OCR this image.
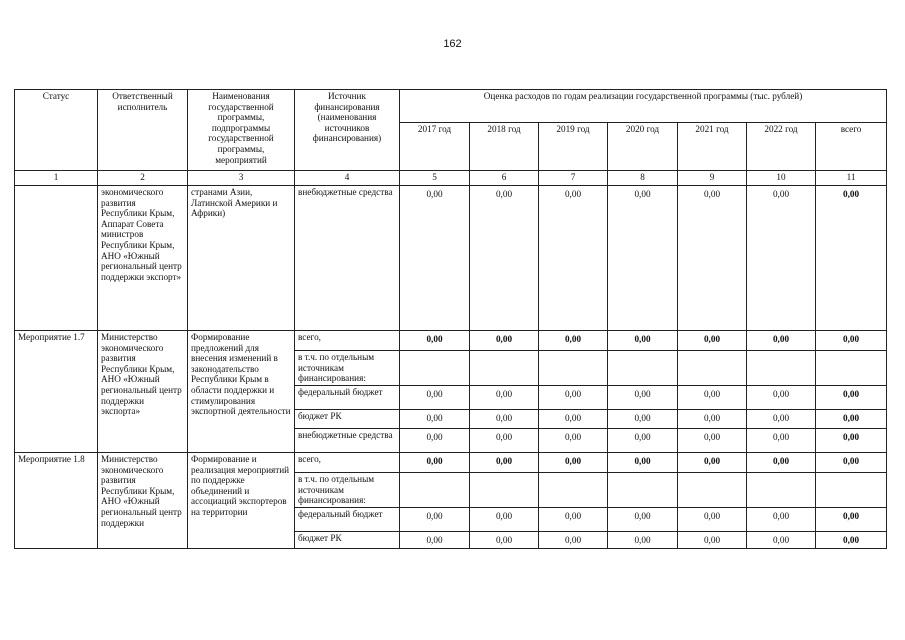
162
Статус	Ответственный исполнитель	Наименования государственной программы, подпрограммы государственной программы, мероприятий	Источник финансирования (наименования источников финансирования)	Оценка расходов по годам реализации государственной программы (тыс. рублей)						
				2017 год	2018 год	2019 год	2020 год	2021 год	2022 год	всего
1	2	3	4	5	6	7	8	9	10	11
	экономического развития Республики Крым, Аппарат Совета министров Республики Крым, АНО «Южный региональный центр поддержки экспорт»	странами Азии, Латинской Америки и Африки)	внебюджетные средства	0,00	0,00	0,00	0,00	0,00	0,00	0,00
Мероприятие 1.7	Министерство экономического развития Республики Крым, АНО «Южный региональный центр поддержки экспорта»	Формирование предложений для внесения изменений в законодательство Республики Крым в области поддержки и стимулирования экспортной деятельности	всего,	0,00	0,00	0,00	0,00	0,00	0,00	0,00
			в т.ч. по отдельным источникам финансирования:							
			федеральный бюджет	0,00	0,00	0,00	0,00	0,00	0,00	0,00
			бюджет РК	0,00	0,00	0,00	0,00	0,00	0,00	0,00
			внебюджетные средства	0,00	0,00	0,00	0,00	0,00	0,00	0,00
Мероприятие 1.8	Министерство экономического развития Республики Крым, АНО «Южный региональный центр поддержки	Формирование и реализация мероприятий по поддержке объединений и ассоциаций экспортеров на территории	всего,	0,00	0,00	0,00	0,00	0,00	0,00	0,00
			в т.ч. по отдельным источникам финансирования:							
			федеральный бюджет	0,00	0,00	0,00	0,00	0,00	0,00	0,00
			бюджет РК	0,00	0,00	0,00	0,00	0,00	0,00	0,00
